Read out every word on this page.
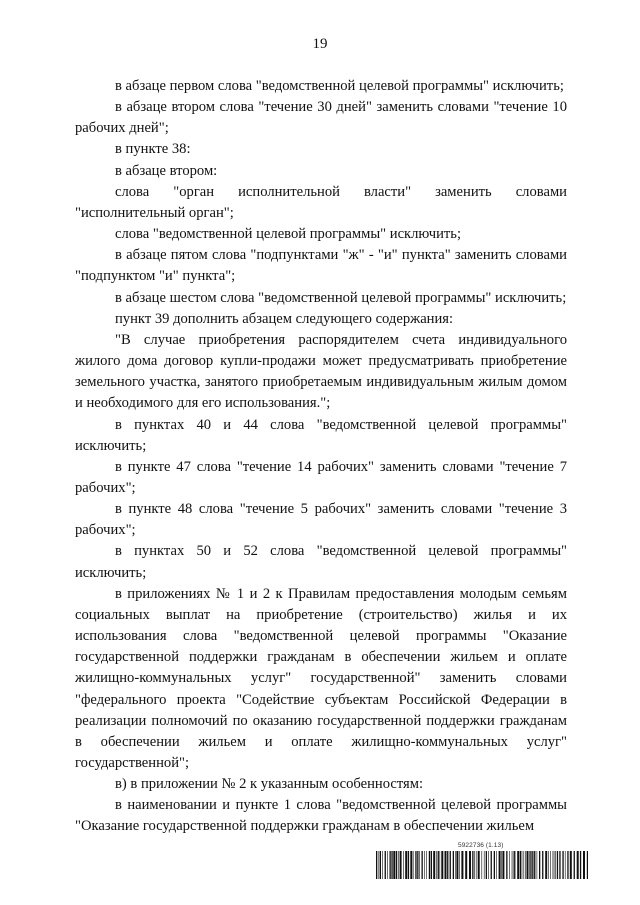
19

в абзаце первом слова "ведомственной целевой программы" исключить;

в абзаце втором слова "течение 30 дней" заменить словами "течение 10 рабочих дней";

в пункте 38:

в абзаце втором:

слова "орган исполнительной власти" заменить словами "исполнительный орган";

слова "ведомственной целевой программы" исключить;

в абзаце пятом слова "подпунктами "ж" - "и" пункта" заменить словами "подпунктом "и" пункта";

в абзаце шестом слова "ведомственной целевой программы" исключить;

пункт 39 дополнить абзацем следующего содержания:

"В случае приобретения распорядителем счета индивидуального жилого дома договор купли-продажи может предусматривать приобретение земельного участка, занятого приобретаемым индивидуальным жилым домом и необходимого для его использования.";

в пунктах 40 и 44 слова "ведомственной целевой программы" исключить;

в пункте 47 слова "течение 14 рабочих" заменить словами "течение 7 рабочих";

в пункте 48 слова "течение 5 рабочих" заменить словами "течение 3 рабочих";

в пунктах 50 и 52 слова "ведомственной целевой программы" исключить;

в приложениях № 1 и 2 к Правилам предоставления молодым семьям социальных выплат на приобретение (строительство) жилья и их использования слова "ведомственной целевой программы "Оказание государственной поддержки гражданам в обеспечении жильем и оплате жилищно-коммунальных услуг" государственной" заменить словами "федерального проекта "Содействие субъектам Российской Федерации в реализации полномочий по оказанию государственной поддержки гражданам в обеспечении жильем и оплате жилищно-коммунальных услуг" государственной";

в) в приложении № 2 к указанным особенностям:

в наименовании и пункте 1 слова "ведомственной целевой программы "Оказание государственной поддержки гражданам в обеспечении жильем

5922736 (1.13)
